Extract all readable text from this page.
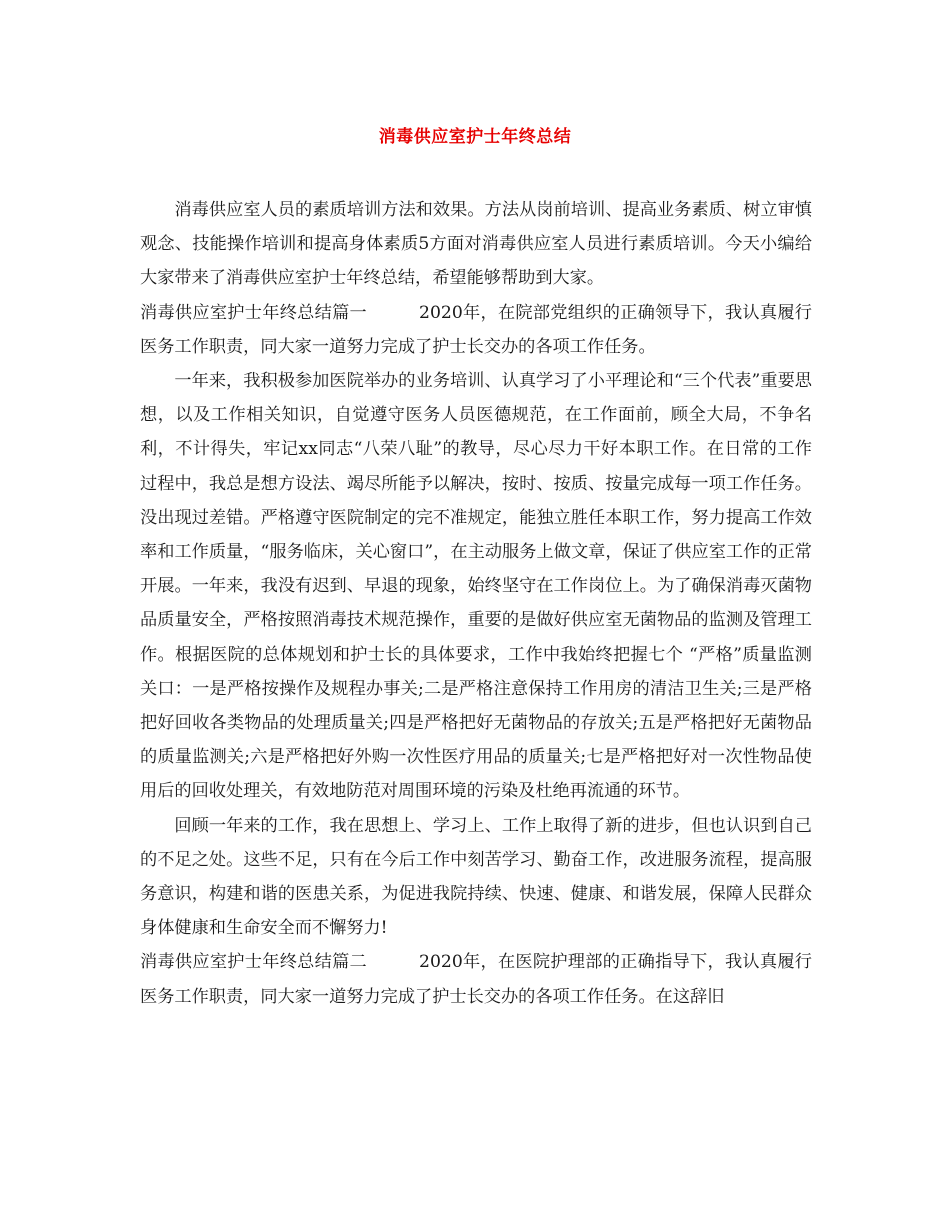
消毒供应室护士年终总结

消毒供应室人员的素质培训方法和效果。方法从岗前培训、提高业务素质、树立审慎观念、技能操作培训和提高身体素质5方面对消毒供应室人员进行素质培训。今天小编给大家带来了消毒供应室护士年终总结，希望能够帮助到大家。

消毒供应室护士年终总结篇一	2020年，在院部党组织的正确领导下，我认真履行医务工作职责，同大家一道努力完成了护士长交办的各项工作任务。

一年来，我积极参加医院举办的业务培训、认真学习了小平理论和“三个代表”重要思想，以及工作相关知识，自觉遵守医务人员医德规范，在工作面前，顾全大局，不争名利，不计得失，牢记xx同志“八荣八耻”的教导，尽心尽力干好本职工作。在日常的工作过程中，我总是想方设法、竭尽所能予以解决，按时、按质、按量完成每一项工作任务。没出现过差错。严格遵守医院制定的完不准规定，能独立胜任本职工作，努力提高工作效率和工作质量，“服务临床，关心窗口”，在主动服务上做文章，保证了供应室工作的正常开展。一年来，我没有迟到、早退的现象，始终坚守在工作岗位上。为了确保消毒灭菌物品质量安全，严格按照消毒技术规范操作，重要的是做好供应室无菌物品的监测及管理工作。根据医院的总体规划和护士长的具体要求，工作中我始终把握七个 “严格”质量监测关口：一是严格按操作及规程办事关;二是严格注意保持工作用房的清洁卫生关;三是严格把好回收各类物品的处理质量关;四是严格把好无菌物品的存放关;五是严格把好无菌物品的质量监测关;六是严格把好外购一次性医疗用品的质量关;七是严格把好对一次性物品使用后的回收处理关，有效地防范对周围环境的污染及杜绝再流通的环节。

回顾一年来的工作，我在思想上、学习上、工作上取得了新的进步，但也认识到自己的不足之处。这些不足，只有在今后工作中刻苦学习、勤奋工作，改进服务流程，提高服务意识，构建和谐的医患关系，为促进我院持续、快速、健康、和谐发展，保障人民群众身体健康和生命安全而不懈努力!

消毒供应室护士年终总结篇二	2020年，在医院护理部的正确指导下，我认真履行医务工作职责，同大家一道努力完成了护士长交办的各项工作任务。在这辞旧
